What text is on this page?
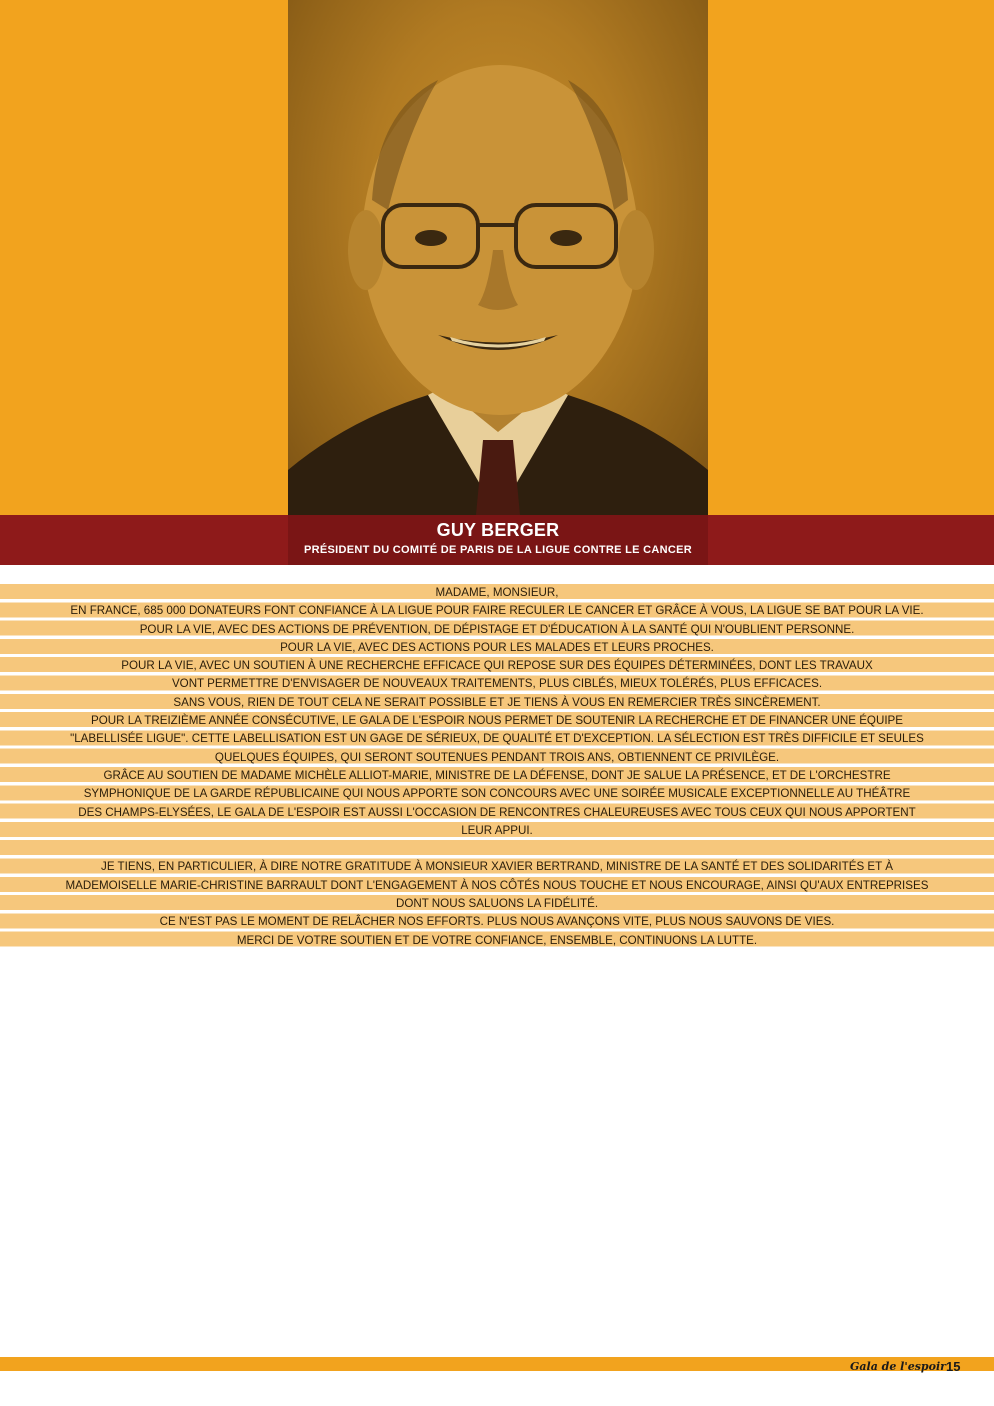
GUY BERGER
PRÉSIDENT DU COMITÉ DE PARIS DE LA LIGUE CONTRE LE CANCER
MADAME, MONSIEUR,
EN FRANCE, 685 000 DONATEURS FONT CONFIANCE À LA LIGUE POUR FAIRE RECULER LE CANCER ET GRÂCE À VOUS, LA LIGUE SE BAT POUR LA VIE.
POUR LA VIE, AVEC DES ACTIONS DE PRÉVENTION, DE DÉPISTAGE ET D'ÉDUCATION À LA SANTÉ QUI N'OUBLIENT PERSONNE.
POUR LA VIE, AVEC DES ACTIONS POUR LES MALADES ET LEURS PROCHES.
POUR LA VIE, AVEC UN SOUTIEN À UNE RECHERCHE EFFICACE QUI REPOSE SUR DES ÉQUIPES DÉTERMINÉES, DONT LES TRAVAUX
VONT PERMETTRE D'ENVISAGER DE NOUVEAUX TRAITEMENTS, PLUS CIBLÉS, MIEUX TOLÉRÉS, PLUS EFFICACES.
SANS VOUS, RIEN DE TOUT CELA NE SERAIT POSSIBLE ET JE TIENS À VOUS EN REMERCIER TRÈS SINCÈREMENT.
POUR LA TREIZIÈME ANNÉE CONSÉCUTIVE, LE GALA DE L'ESPOIR NOUS PERMET DE SOUTENIR LA RECHERCHE ET DE FINANCER UNE ÉQUIPE
"LABELLISÉE LIGUE". CETTE LABELLISATION EST UN GAGE DE SÉRIEUX, DE QUALITÉ ET D'EXCEPTION. LA SÉLECTION EST TRÈS DIFFICILE ET SEULES
QUELQUES ÉQUIPES, QUI SERONT SOUTENUES PENDANT TROIS ANS, OBTIENNENT CE PRIVILÈGE.
GRÂCE AU SOUTIEN DE MADAME MICHÈLE ALLIOT-MARIE, MINISTRE DE LA DÉFENSE, DONT JE SALUE LA PRÉSENCE, ET DE L'ORCHESTRE
SYMPHONIQUE DE LA GARDE RÉPUBLICAINE QUI NOUS APPORTE SON CONCOURS AVEC UNE SOIRÉE MUSICALE EXCEPTIONNELLE AU THÉÂTRE
DES CHAMPS-ELYSÉES, LE GALA DE L'ESPOIR EST AUSSI L'OCCASION DE RENCONTRES CHALEUREUSES AVEC TOUS CEUX QUI NOUS APPORTENT
LEUR APPUI.
JE TIENS, EN PARTICULIER, À DIRE NOTRE GRATITUDE À MONSIEUR XAVIER BERTRAND, MINISTRE DE LA SANTÉ ET DES SOLIDARITÉS ET À
MADEMOISELLE MARIE-CHRISTINE BARRAULT DONT L'ENGAGEMENT À NOS CÔTÉS NOUS TOUCHE ET NOUS ENCOURAGE, AINSI QU'AUX ENTREPRISES
DONT NOUS SALUONS LA FIDÉLITÉ.
CE N'EST PAS LE MOMENT DE RELÂCHER NOS EFFORTS. PLUS NOUS AVANÇONS VITE, PLUS NOUS SAUVONS DE VIES.
MERCI DE VOTRE SOUTIEN ET DE VOTRE CONFIANCE, ENSEMBLE, CONTINUONS LA LUTTE.
Gala de l'espoir 15
